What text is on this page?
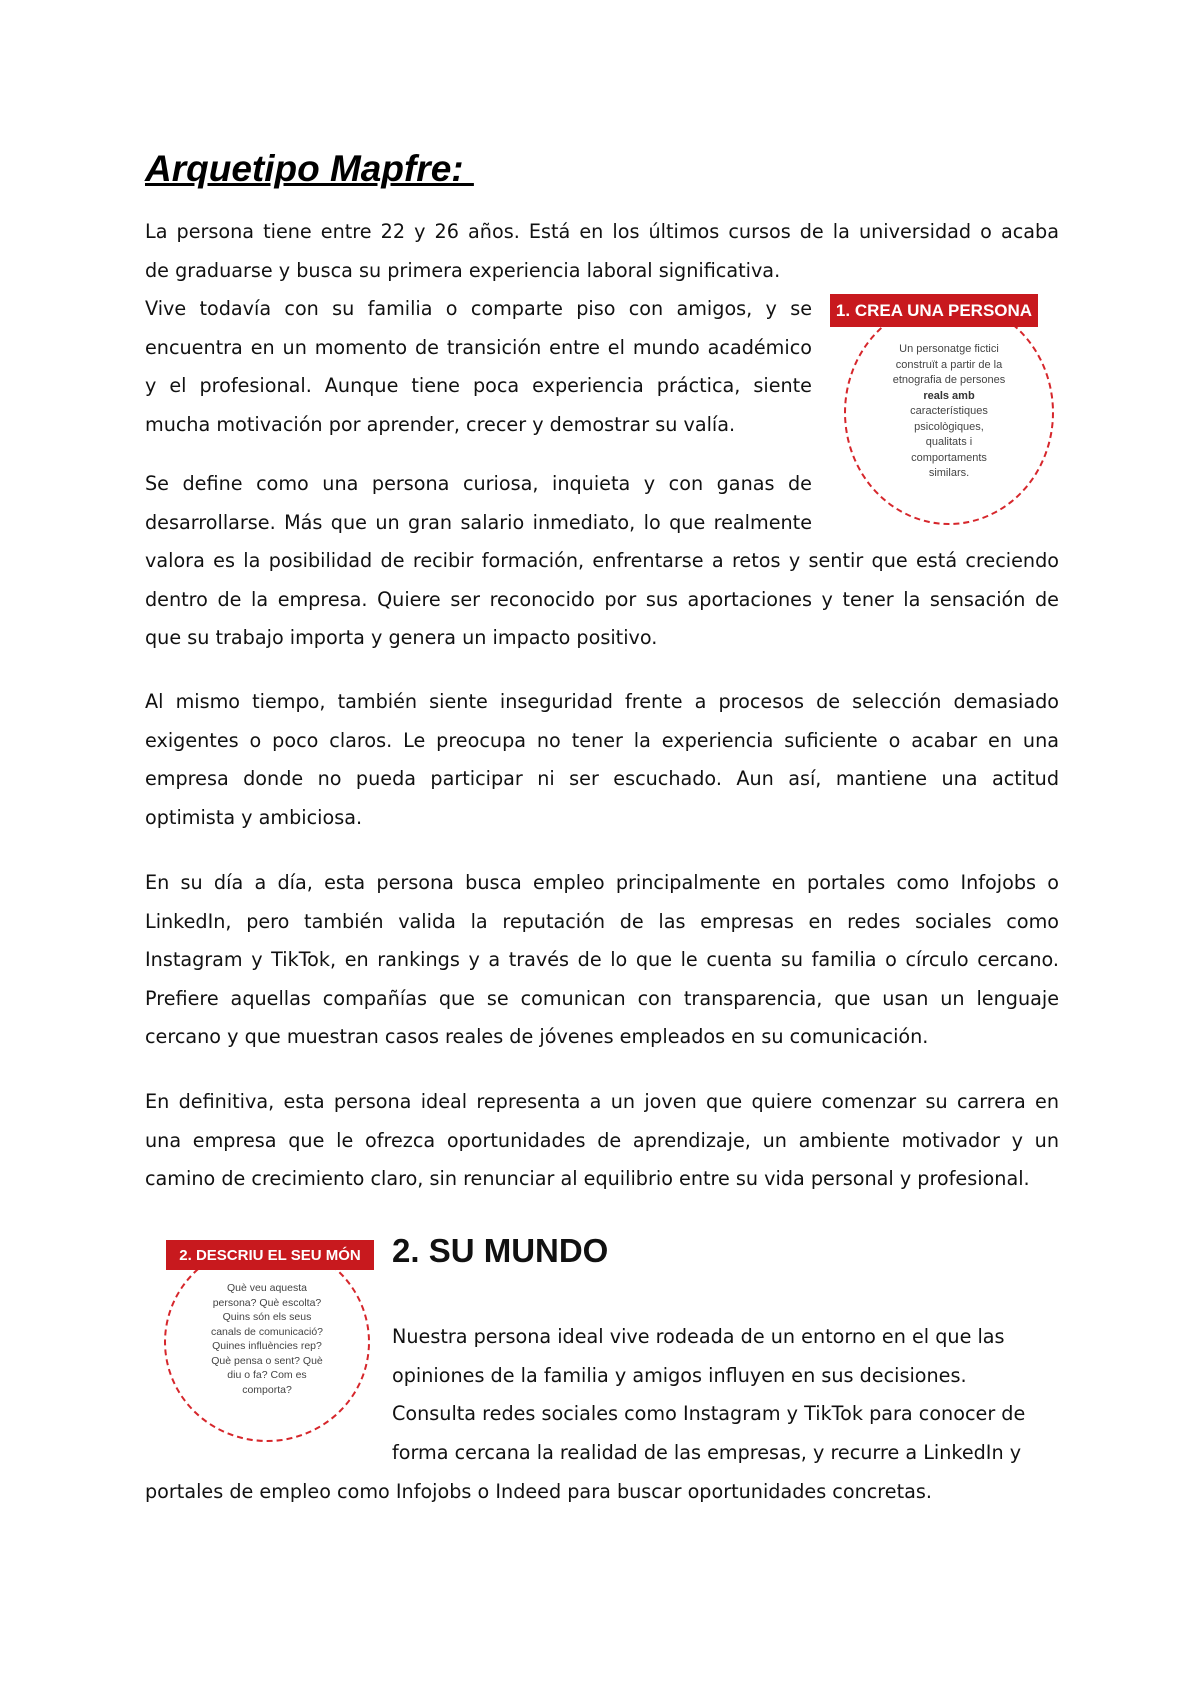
Arquetipo Mapfre:
La persona tiene entre 22 y 26 años. Está en los últimos cursos de la universidad o acaba
de graduarse y busca su primera experiencia laboral significativa.
Vive todavía con su familia o comparte piso con amigos, y se
encuentra en un momento de transición entre el mundo académico
y el profesional. Aunque tiene poca experiencia práctica, siente
mucha motivación por aprender, crecer y demostrar su valía.
1. CREA UNA PERSONA
Un personatge fictici
construït a partir de la
etnografia de persones
reals amb
característiques
psicològiques,
qualitats i
comportaments
similars.
Se define como una persona curiosa, inquieta y con ganas de
desarrollarse. Más que un gran salario inmediato, lo que realmente
valora es la posibilidad de recibir formación, enfrentarse a retos y sentir que está creciendo
dentro de la empresa. Quiere ser reconocido por sus aportaciones y tener la sensación de
que su trabajo importa y genera un impacto positivo.
Al mismo tiempo, también siente inseguridad frente a procesos de selección demasiado
exigentes o poco claros. Le preocupa no tener la experiencia suficiente o acabar en una
empresa donde no pueda participar ni ser escuchado. Aun así, mantiene una actitud
optimista y ambiciosa.
En su día a día, esta persona busca empleo principalmente en portales como Infojobs o
LinkedIn, pero también valida la reputación de las empresas en redes sociales como
Instagram y TikTok, en rankings y a través de lo que le cuenta su familia o círculo cercano.
Prefiere aquellas compañías que se comunican con transparencia, que usan un lenguaje
cercano y que muestran casos reales de jóvenes empleados en su comunicación.
En definitiva, esta persona ideal representa a un joven que quiere comenzar su carrera en
una empresa que le ofrezca oportunidades de aprendizaje, un ambiente motivador y un
camino de crecimiento claro, sin renunciar al equilibrio entre su vida personal y profesional.
2. DESCRIU EL SEU MÓN
Què veu aquesta
persona? Què escolta?
Quins són els seus
canals de comunicació?
Quines influències rep?
Què pensa o sent? Què
diu o fa? Com es
comporta?
2. SU MUNDO
Nuestra persona ideal vive rodeada de un entorno en el que las
opiniones de la familia y amigos influyen en sus decisiones.
Consulta redes sociales como Instagram y TikTok para conocer de
forma cercana la realidad de las empresas, y recurre a LinkedIn y
portales de empleo como Infojobs o Indeed para buscar oportunidades concretas.
